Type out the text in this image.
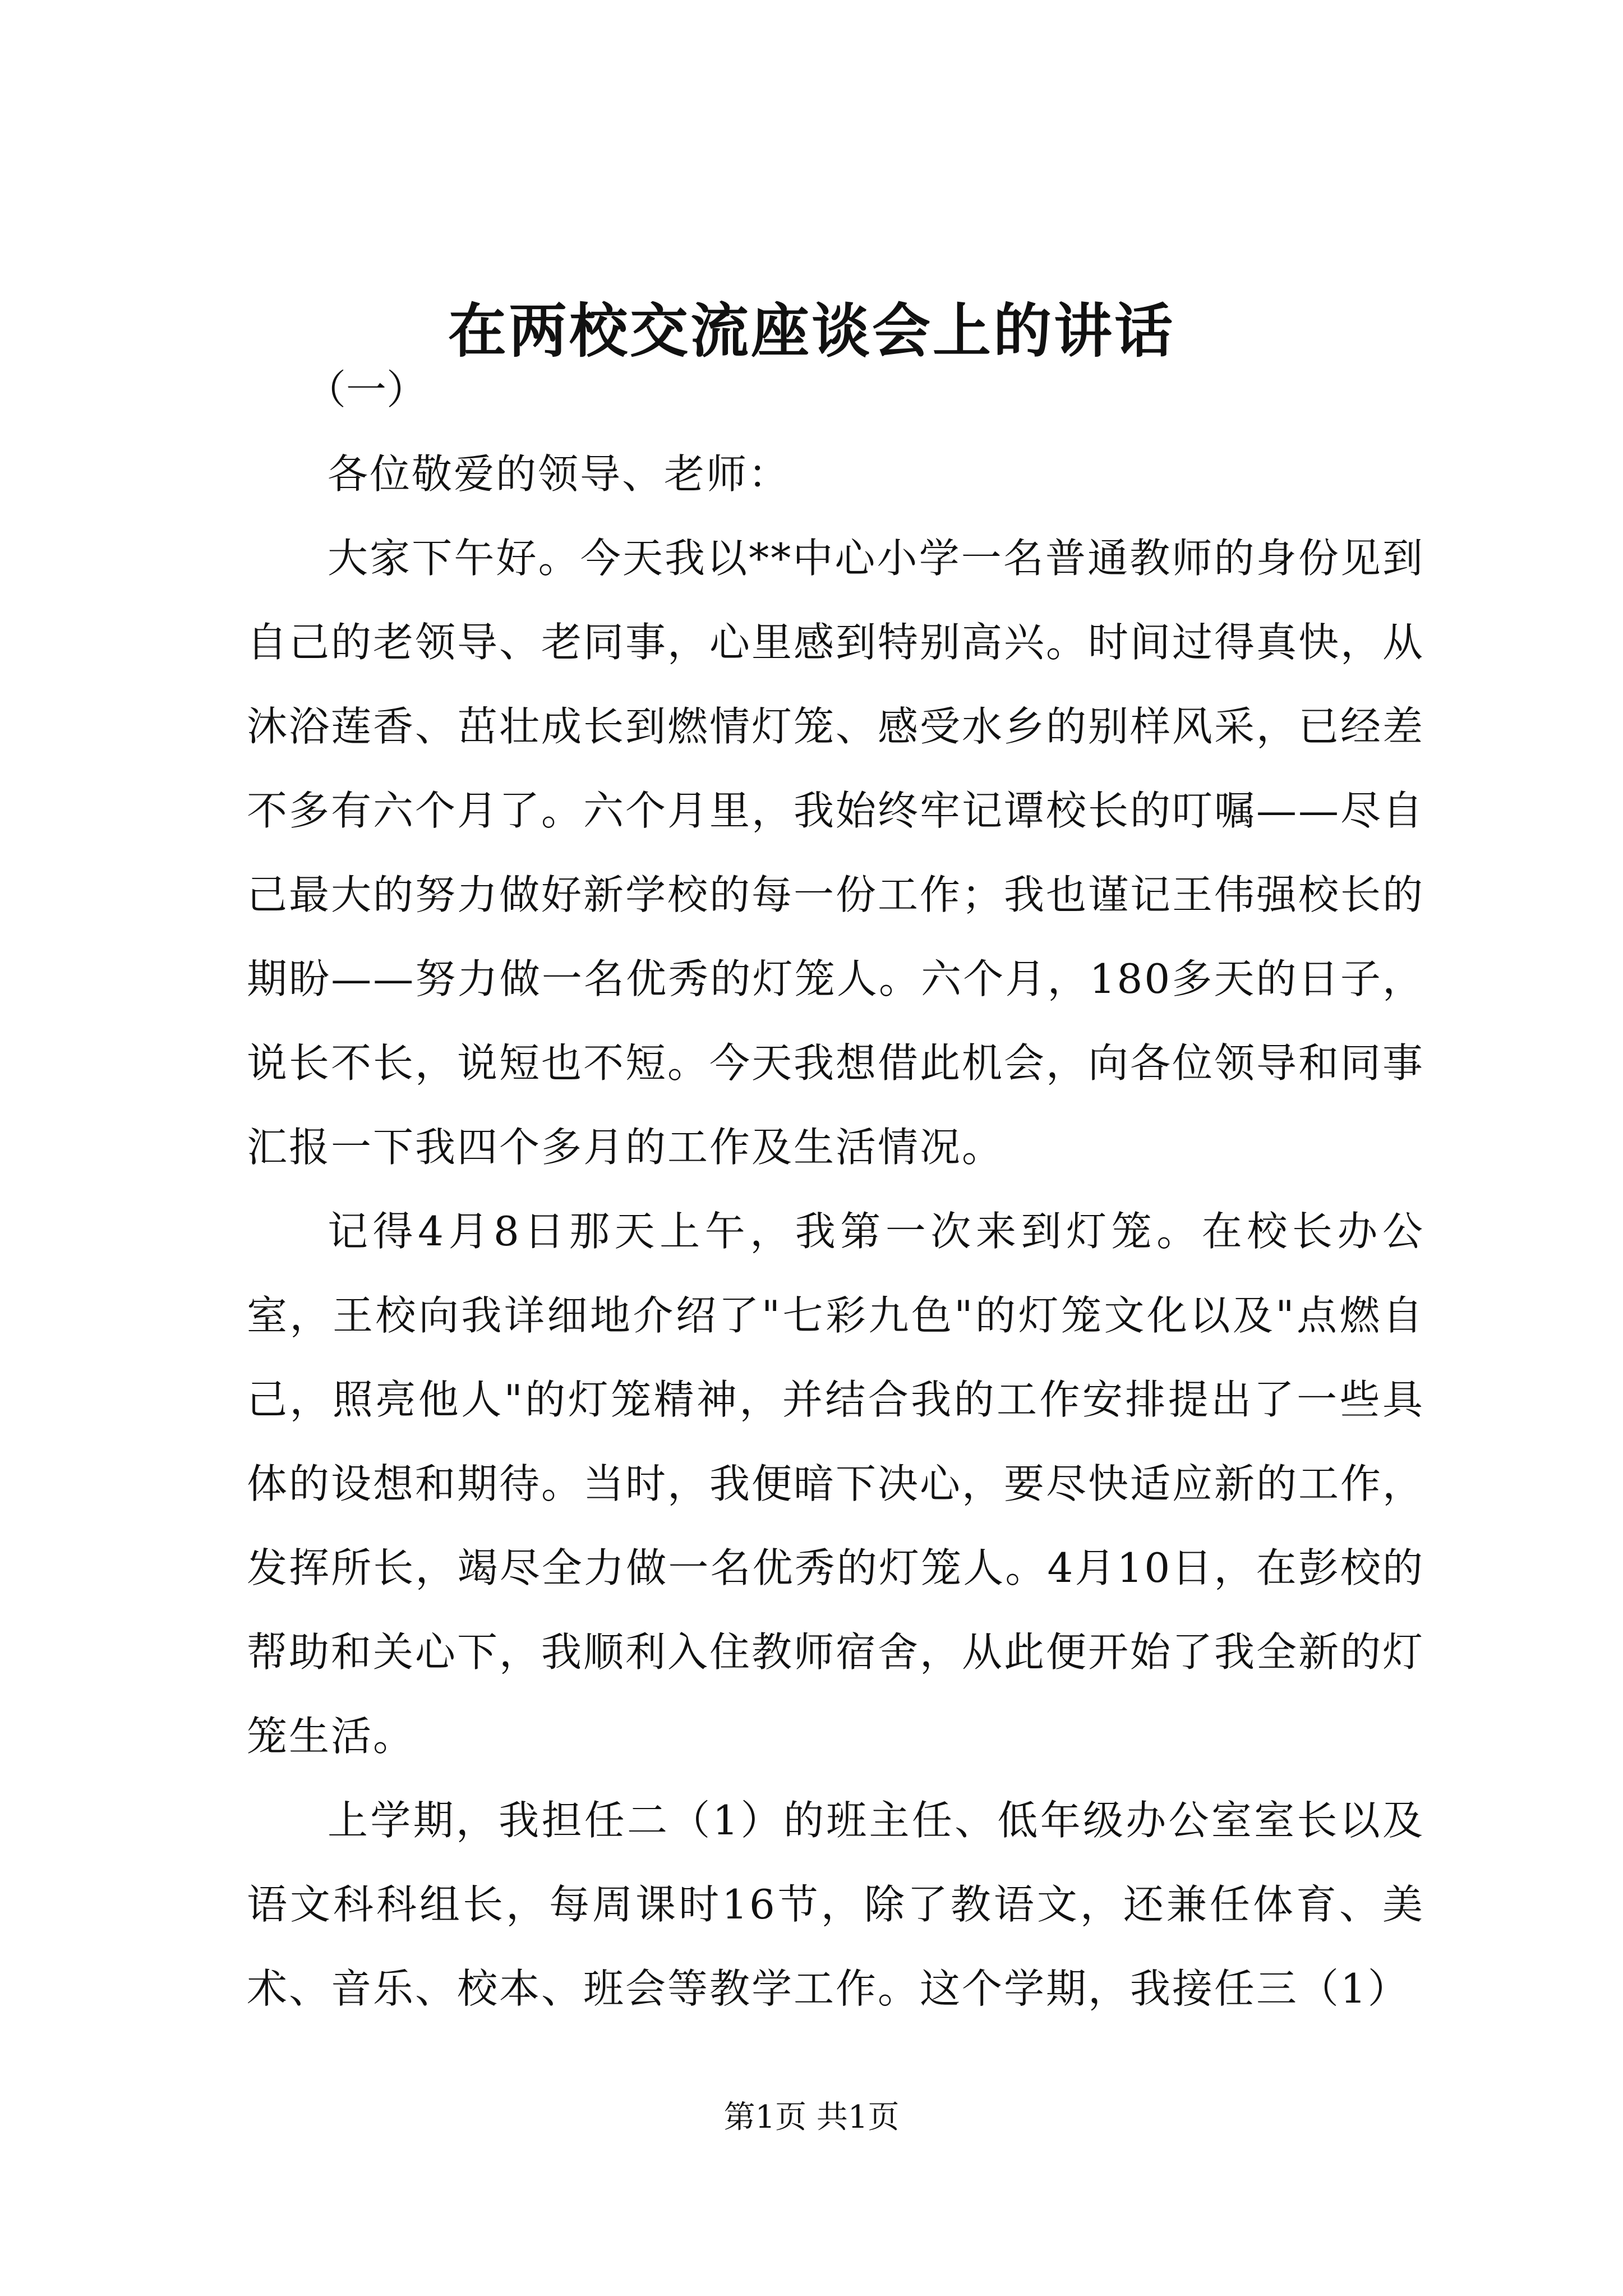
在两校交流座谈会上的讲话
（一）

各位敬爱的领导、老师：

大家下午好。今天我以**中心小学一名普通教师的身份见到自己的老领导、老同事，心里感到特别高兴。时间过得真快，从沐浴莲香、茁壮成长到燃情灯笼、感受水乡的别样风采，已经差不多有六个月了。六个月里，我始终牢记谭校长的叮嘱——尽自己最大的努力做好新学校的每一份工作；我也谨记王伟强校长的期盼——努力做一名优秀的灯笼人。六个月，180多天的日子，说长不长，说短也不短。今天我想借此机会，向各位领导和同事汇报一下我四个多月的工作及生活情况。

记得4月8日那天上午，我第一次来到灯笼。在校长办公室，王校向我详细地介绍了"七彩九色"的灯笼文化以及"点燃自己，照亮他人"的灯笼精神，并结合我的工作安排提出了一些具体的设想和期待。当时，我便暗下决心，要尽快适应新的工作，发挥所长，竭尽全力做一名优秀的灯笼人。4月10日，在彭校的帮助和关心下，我顺利入住教师宿舍，从此便开始了我全新的灯笼生活。

上学期，我担任二（1）的班主任、低年级办公室室长以及语文科科组长，每周课时16节，除了教语文，还兼任体育、美术、音乐、校本、班会等教学工作。这个学期，我接任三（1）

第1页 共1页
